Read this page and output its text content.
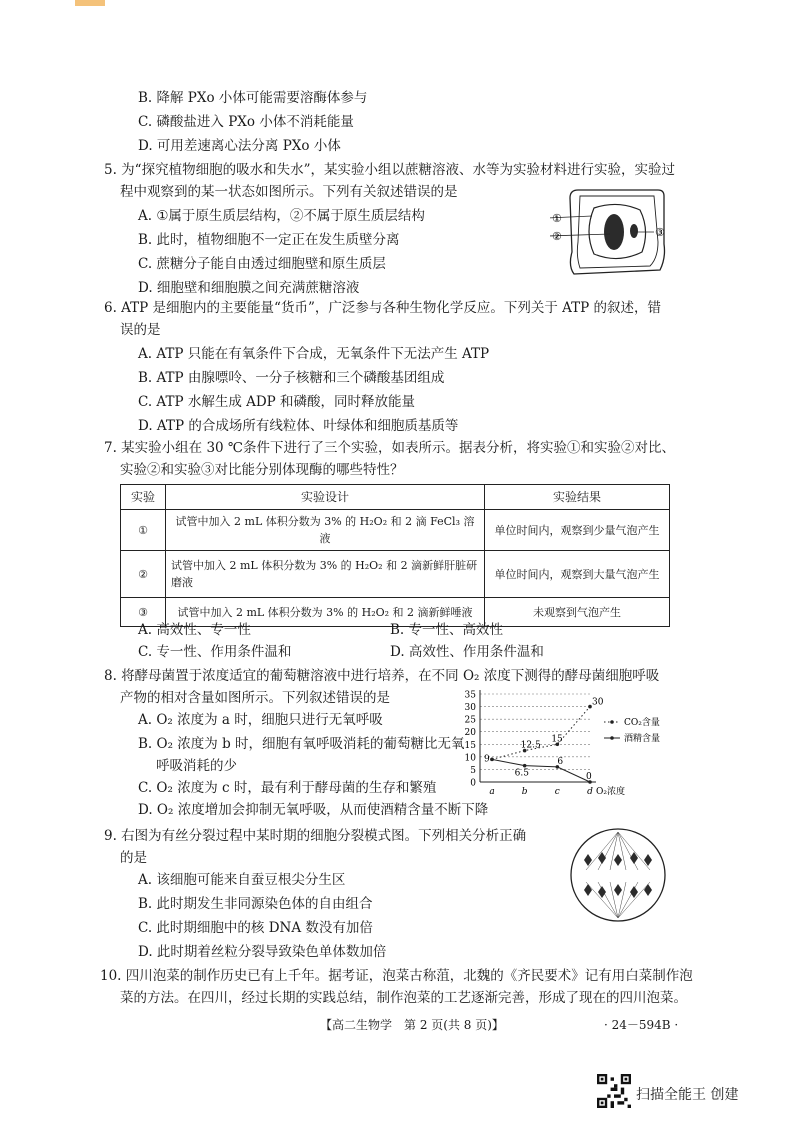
B. 降解 PXo 小体可能需要溶酶体参与
C. 磷酸盐进入 PXo 小体不消耗能量
D. 可用差速离心法分离 PXo 小体
5. 为“探究植物细胞的吸水和失水”，某实验小组以蔗糖溶液、水等为实验材料进行实验，实验过
程中观察到的某一状态如图所示。下列有关叙述错误的是
A. ①属于原生质层结构，②不属于原生质层结构
B. 此时，植物细胞不一定正在发生质壁分离
C. 蔗糖分子能自由透过细胞壁和原生质层
D. 细胞壁和细胞膜之间充满蔗糖溶液
①
②	③
6. ATP 是细胞内的主要能量“货币”，广泛参与各种生物化学反应。下列关于 ATP 的叙述，错
误的是
A. ATP 只能在有氧条件下合成，无氧条件下无法产生 ATP
B. ATP 由腺嘌呤、一分子核糖和三个磷酸基团组成
C. ATP 水解生成 ADP 和磷酸，同时释放能量
D. ATP 的合成场所有线粒体、叶绿体和细胞质基质等
7. 某实验小组在 30 ℃条件下进行了三个实验，如表所示。据表分析，将实验①和实验②对比、
实验②和实验③对比能分别体现酶的哪些特性？
实验	实验设计	实验结果
①	试管中加入 2 mL 体积分数为 3% 的 H₂O₂ 和 2 滴 FeCl₃ 溶液	单位时间内，观察到少量气泡产生
②	试管中加入 2 mL 体积分数为 3% 的 H₂O₂ 和 2 滴新鲜肝脏研磨液	单位时间内，观察到大量气泡产生
③	试管中加入 2 mL 体积分数为 3% 的 H₂O₂ 和 2 滴新鲜唾液	未观察到气泡产生
A. 高效性、专一性	B. 专一性、高效性
C. 专一性、作用条件温和	D. 高效性、作用条件温和
8. 将酵母菌置于浓度适宜的葡萄糖溶液中进行培养，在不同 O₂ 浓度下测得的酵母菌细胞呼吸
产物的相对含量如图所示。下列叙述错误的是
A. O₂ 浓度为 a 时，细胞只进行无氧呼吸
B. O₂ 浓度为 b 时，细胞有氧呼吸消耗的葡萄糖比无氧
呼吸消耗的少
C. O₂ 浓度为 c 时，最有利于酵母菌的生存和繁殖
D. O₂ 浓度增加会抑制无氧呼吸，从而使酒精含量不断下降
0
5
10
15
20
25
30
35
a	b	c	d O₂浓度
9
12.5
15
30
CO₂含量
6.5
6
0
酒精含量
9. 右图为有丝分裂过程中某时期的细胞分裂模式图。下列相关分析正确
的是
A. 该细胞可能来自蚕豆根尖分生区
B. 此时期发生非同源染色体的自由组合
C. 此时期细胞中的核 DNA 数没有加倍
D. 此时期着丝粒分裂导致染色单体数加倍
10. 四川泡菜的制作历史已有上千年。据考证，泡菜古称菹，北魏的《齐民要术》记有用白菜制作泡
菜的方法。在四川，经过长期的实践总结，制作泡菜的工艺逐渐完善，形成了现在的四川泡菜。
【高二生物学　第 2 页(共 8 页)】	· 24－594B ·
扫描全能王 创建
